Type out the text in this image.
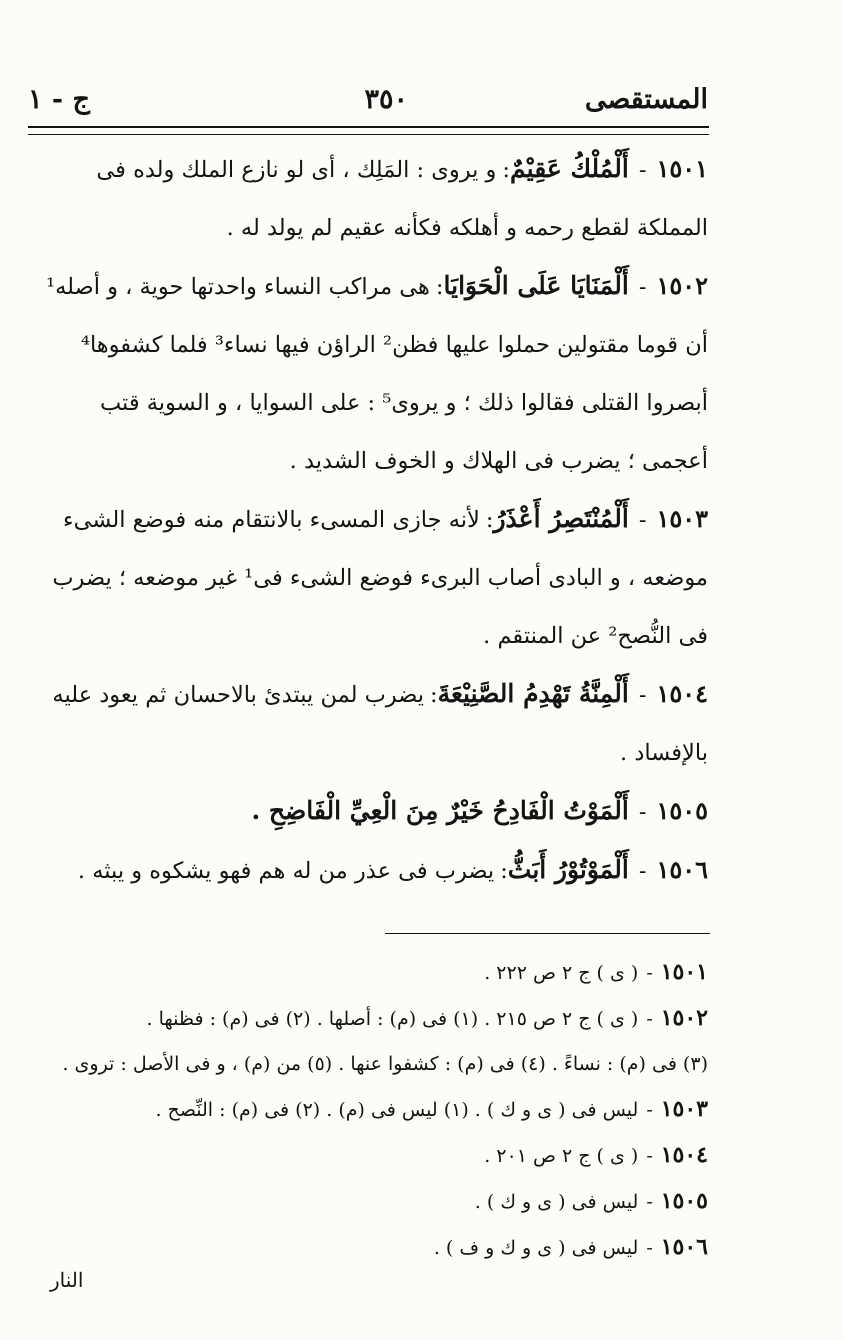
المستقصى
٣٥٠
ج - ١

١٥٠١-أَلْمُلْكُ عَقِيْمٌ:و يروى : المَلِك ، أى لو نازع الملك ولده فى المملكة لقطع رحمه و أهلكه فكأنه عقيم لم يولد له .

١٥٠٢-أَلْمَنَايَا عَلَى الْحَوَايَا:هى مراكب النساء واحدتها حوية ، و أصله¹ أن قوما مقتولين حملوا عليها فظن² الراؤن فيها نساء³ فلما كشفوها⁴ أبصروا القتلى فقالوا ذلك ؛ و يروى⁵ : على السوايا ، و السوية قتب أعجمى ؛ يضرب فى الهلاك و الخوف الشديد .

١٥٠٣-أَلْمُنْتَصِرُ أَعْذَرُ:لأنه جازى المسىء بالانتقام منه فوضع الشىء موضعه ، و البادى أصاب البرىء فوضع الشىء فى¹ غير موضعه ؛ يضرب فى النُّصح² عن المنتقم .

١٥٠٤-أَلْمِنَّةُ تَهْدِمُ الصَّنِيْعَةَ:يضرب لمن يبتدئ بالاحسان ثم يعود عليه بالإفساد .

١٥٠٥-أَلْمَوْتُ الْفَادِحُ خَيْرٌ مِنَ الْعِيِّ الْفَاضِحِ .

١٥٠٦-أَلْمَوْتُوْرُ أَبَثُّ:يضرب فى عذر من له هم فهو يشكوه و يبثه .

١٥٠١-( ى ) ج ٢ ص ٢٢٢ .

١٥٠٢-( ى ) ج ٢ ص ٢١٥ . (١) فى (م) : أصلها . (٢) فى (م) : فظنها .

(٣) فى (م) : نساءً . (٤) فى (م) : كشفوا عنها . (٥) من (م) ، و فى الأصل : تروى .

١٥٠٣-ليس فى ( ى و ك ) . (١) ليس فى (م) . (٢) فى (م) : النِّصح .

١٥٠٤-( ى ) ج ٢ ص ٢٠١ .

١٥٠٥-ليس فى ( ى و ك ) .

١٥٠٦-ليس فى ( ى و ك و ف ) .

النار
